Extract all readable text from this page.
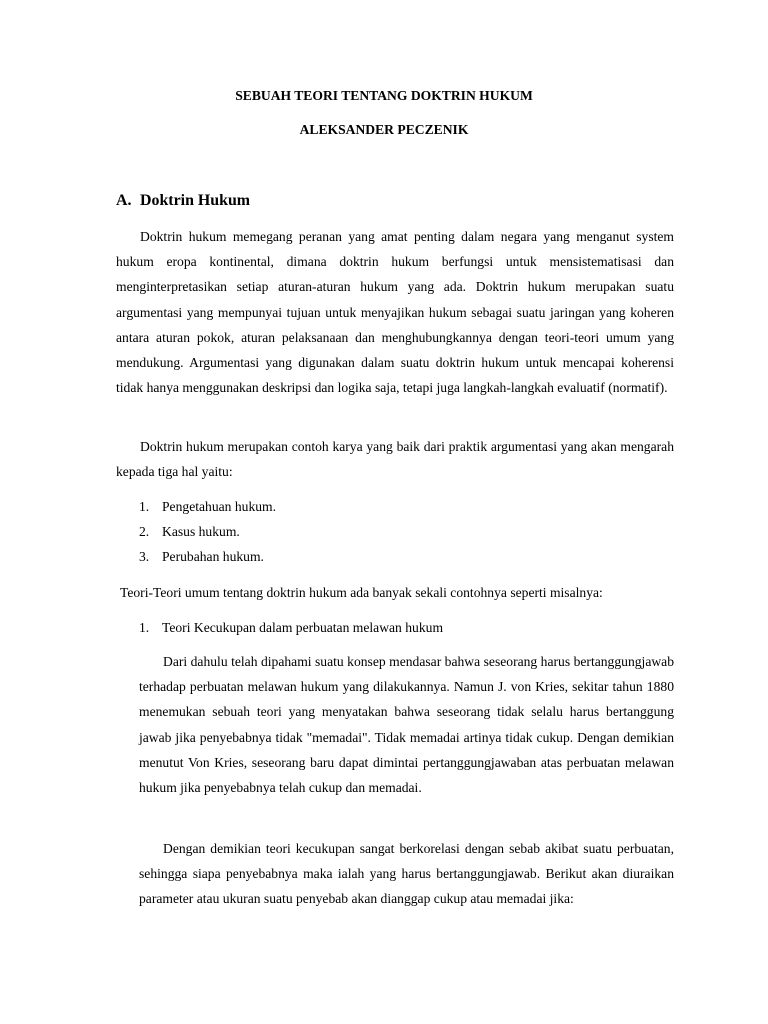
SEBUAH TEORI TENTANG DOKTRIN HUKUM
ALEKSANDER PECZENIK
A. Doktrin Hukum

Doktrin hukum memegang peranan yang amat penting dalam negara yang menganut system hukum eropa kontinental, dimana doktrin hukum berfungsi untuk mensistematisasi dan menginterpretasikan setiap aturan-aturan hukum yang ada. Doktrin hukum merupakan suatu argumentasi yang mempunyai tujuan untuk menyajikan hukum sebagai suatu jaringan yang koheren antara aturan pokok, aturan pelaksanaan dan menghubungkannya dengan teori-teori umum yang mendukung. Argumentasi yang digunakan dalam suatu doktrin hukum untuk mencapai koherensi tidak hanya menggunakan deskripsi dan logika saja, tetapi juga langkah-langkah evaluatif (normatif).

Doktrin hukum merupakan contoh karya yang baik dari praktik argumentasi yang akan mengarah kepada tiga hal yaitu:

1. Pengetahuan hukum.
2. Kasus hukum.
3. Perubahan hukum.

Teori-Teori umum tentang doktrin hukum ada banyak sekali contohnya seperti misalnya:

1. Teori Kecukupan dalam perbuatan melawan hukum

Dari dahulu telah dipahami suatu konsep mendasar bahwa seseorang harus bertanggungjawab terhadap perbuatan melawan hukum yang dilakukannya. Namun J. von Kries, sekitar tahun 1880 menemukan sebuah teori yang menyatakan bahwa seseorang tidak selalu harus bertanggung jawab jika penyebabnya tidak "memadai". Tidak memadai artinya tidak cukup. Dengan demikian menutut Von Kries, seseorang baru dapat dimintai pertanggungjawaban atas perbuatan melawan hukum jika penyebabnya telah cukup dan memadai.

Dengan demikian teori kecukupan sangat berkorelasi dengan sebab akibat suatu perbuatan, sehingga siapa penyebabnya maka ialah yang harus bertanggungjawab. Berikut akan diuraikan parameter atau ukuran suatu penyebab akan dianggap cukup atau memadai jika:
